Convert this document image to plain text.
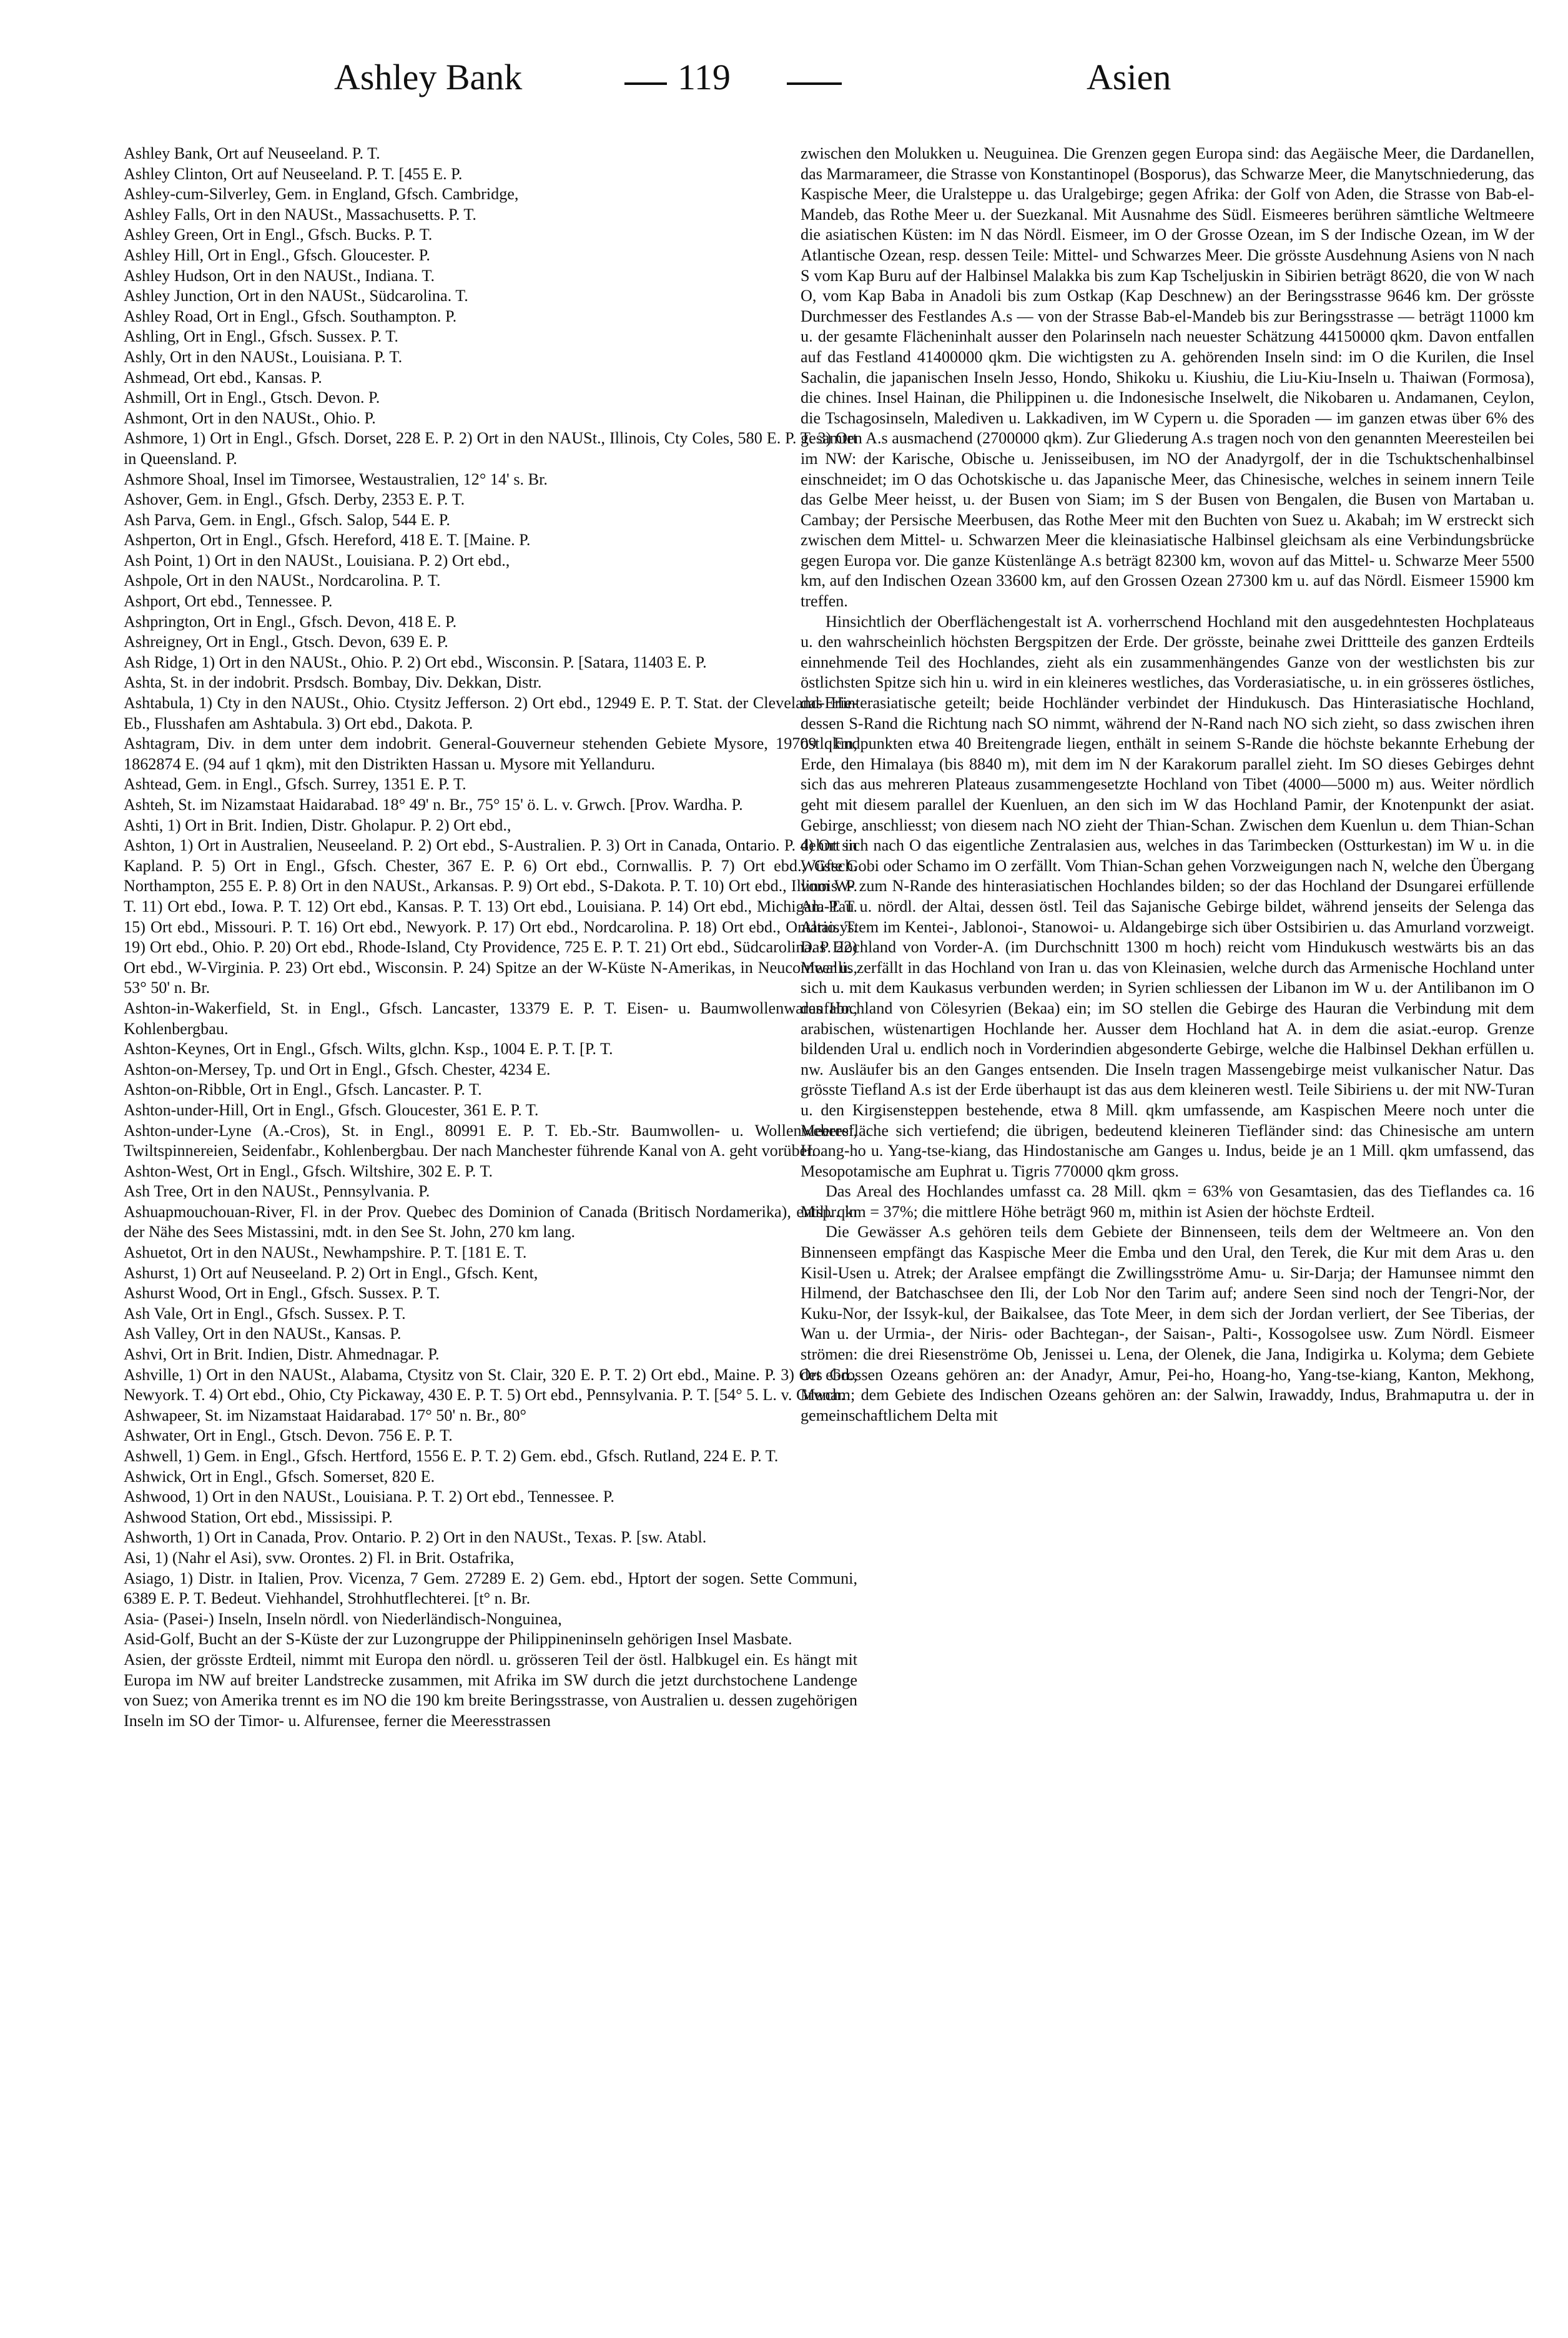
Ashley Bank	119	Asien

Ashley Bank, Ort auf Neuseeland. P. T.

Ashley Clinton, Ort auf Neuseeland. P. T. [455 E. P.

Ashley-cum-Silverley, Gem. in England, Gfsch. Cambridge,

Ashley Falls, Ort in den NAUSt., Massachusetts. P. T.

Ashley Green, Ort in Engl., Gfsch. Bucks. P. T.

Ashley Hill, Ort in Engl., Gfsch. Gloucester. P.

Ashley Hudson, Ort in den NAUSt., Indiana. T.

Ashley Junction, Ort in den NAUSt., Südcarolina. T.

Ashley Road, Ort in Engl., Gfsch. Southampton. P.

Ashling, Ort in Engl., Gfsch. Sussex. P. T.

Ashly, Ort in den NAUSt., Louisiana. P. T.

Ashmead, Ort ebd., Kansas. P.

Ashmill, Ort in Engl., Gtsch. Devon. P.

Ashmont, Ort in den NAUSt., Ohio. P.

Ashmore, 1) Ort in Engl., Gfsch. Dorset, 228 E. P. 2) Ort in den NAUSt., Illinois, Cty Coles, 580 E. P. T. 3) Ort in Queensland. P.

Ashmore Shoal, Insel im Timorsee, Westaustralien, 12° 14' s. Br.

Ashover, Gem. in Engl., Gfsch. Derby, 2353 E. P. T.

Ash Parva, Gem. in Engl., Gfsch. Salop, 544 E. P.

Ashperton, Ort in Engl., Gfsch. Hereford, 418 E. T. [Maine. P.

Ash Point, 1) Ort in den NAUSt., Louisiana. P. 2) Ort ebd.,

Ashpole, Ort in den NAUSt., Nordcarolina. P. T.

Ashport, Ort ebd., Tennessee. P.

Ashprington, Ort in Engl., Gfsch. Devon, 418 E. P.

Ashreigney, Ort in Engl., Gtsch. Devon, 639 E. P.

Ash Ridge, 1) Ort in den NAUSt., Ohio. P. 2) Ort ebd., Wisconsin. P. [Satara, 11403 E. P.

Ashta, St. in der indobrit. Prsdsch. Bombay, Div. Dekkan, Distr.

Ashtabula, 1) Cty in den NAUSt., Ohio. Ctysitz Jefferson. 2) Ort ebd., 12949 E. P. T. Stat. der Cleveland-Erie-Eb., Flusshafen am Ashtabula. 3) Ort ebd., Dakota. P.

Ashtagram, Div. in dem unter dem indobrit. General-Gouverneur stehenden Gebiete Mysore, 19709 qkm, 1862874 E. (94 auf 1 qkm), mit den Distrikten Hassan u. Mysore mit Yellanduru.

Ashtead, Gem. in Engl., Gfsch. Surrey, 1351 E. P. T.

Ashteh, St. im Nizamstaat Haidarabad. 18° 49' n. Br., 75° 15' ö. L. v. Grwch. [Prov. Wardha. P.

Ashti, 1) Ort in Brit. Indien, Distr. Gholapur. P. 2) Ort ebd.,

Ashton, 1) Ort in Australien, Neuseeland. P. 2) Ort ebd., S-Australien. P. 3) Ort in Canada, Ontario. P. 4) Ort in Kapland. P. 5) Ort in Engl., Gfsch. Chester, 367 E. P. 6) Ort ebd., Cornwallis. P. 7) Ort ebd., Gfsch. Northampton, 255 E. P. 8) Ort in den NAUSt., Arkansas. P. 9) Ort ebd., S-Dakota. P. T. 10) Ort ebd., Illinois. P. T. 11) Ort ebd., Iowa. P. T. 12) Ort ebd., Kansas. P. T. 13) Ort ebd., Louisiana. P. 14) Ort ebd., Michigan. P. T. 15) Ort ebd., Missouri. P. T. 16) Ort ebd., Newyork. P. 17) Ort ebd., Nordcarolina. P. 18) Ort ebd., Ontario. T. 19) Ort ebd., Ohio. P. 20) Ort ebd., Rhode-Island, Cty Providence, 725 E. P. T. 21) Ort ebd., Südcarolina. P. 22) Ort ebd., W-Virginia. P. 23) Ort ebd., Wisconsin. P. 24) Spitze an der W-Küste N-Amerikas, in Neucornwallis, 53° 50' n. Br.

Ashton-in-Wakerfield, St. in Engl., Gfsch. Lancaster, 13379 E. P. T. Eisen- u. Baumwollenwarenfabr., Kohlenbergbau.

Ashton-Keynes, Ort in Engl., Gfsch. Wilts, glchn. Ksp., 1004 E. P. T. [P. T.

Ashton-on-Mersey, Tp. und Ort in Engl., Gfsch. Chester, 4234 E.

Ashton-on-Ribble, Ort in Engl., Gfsch. Lancaster. P. T.

Ashton-under-Hill, Ort in Engl., Gfsch. Gloucester, 361 E. P. T.

Ashton-under-Lyne (A.-Cros), St. in Engl., 80991 E. P. T. Eb.-Str. Baumwollen- u. Wollenweberei, Twiltspinnereien, Seidenfabr., Kohlenbergbau. Der nach Manchester führende Kanal von A. geht vorüber.

Ashton-West, Ort in Engl., Gfsch. Wiltshire, 302 E. P. T.

Ash Tree, Ort in den NAUSt., Pennsylvania. P.

Ashuapmouchouan-River, Fl. in der Prov. Quebec des Dominion of Canada (Britisch Nordamerika), entspr. in der Nähe des Sees Mistassini, mdt. in den See St. John, 270 km lang.

Ashuetot, Ort in den NAUSt., Newhampshire. P. T. [181 E. T.

Ashurst, 1) Ort auf Neuseeland. P. 2) Ort in Engl., Gfsch. Kent,

Ashurst Wood, Ort in Engl., Gfsch. Sussex. P. T.

Ash Vale, Ort in Engl., Gfsch. Sussex. P. T.

Ash Valley, Ort in den NAUSt., Kansas. P.

Ashvi, Ort in Brit. Indien, Distr. Ahmednagar. P.

Ashville, 1) Ort in den NAUSt., Alabama, Ctysitz von St. Clair, 320 E. P. T. 2) Ort ebd., Maine. P. 3) Ort ebd., Newyork. T. 4) Ort ebd., Ohio, Cty Pickaway, 430 E. P. T. 5) Ort ebd., Pennsylvania. P. T. [54° 5. L. v. Grwch.

Ashwapeer, St. im Nizamstaat Haidarabad. 17° 50' n. Br., 80°

Ashwater, Ort in Engl., Gtsch. Devon. 756 E. P. T.

Ashwell, 1) Gem. in Engl., Gfsch. Hertford, 1556 E. P. T. 2) Gem. ebd., Gfsch. Rutland, 224 E. P. T.

Ashwick, Ort in Engl., Gfsch. Somerset, 820 E.

Ashwood, 1) Ort in den NAUSt., Louisiana. P. T. 2) Ort ebd., Tennessee. P.

Ashwood Station, Ort ebd., Mississipi. P.

Ashworth, 1) Ort in Canada, Prov. Ontario. P. 2) Ort in den NAUSt., Texas. P. [sw. Atabl.

Asi, 1) (Nahr el Asi), svw. Orontes. 2) Fl. in Brit. Ostafrika,

Asiago, 1) Distr. in Italien, Prov. Vicenza, 7 Gem. 27289 E. 2) Gem. ebd., Hptort der sogen. Sette Communi, 6389 E. P. T. Bedeut. Viehhandel, Strohhutflechterei. [t° n. Br.

Asia- (Pasei-) Inseln, Inseln nördl. von Niederländisch-Nonguinea,

Asid-Golf, Bucht an der S-Küste der zur Luzongruppe der Philippineninseln gehörigen Insel Masbate.

Asien, der grösste Erdteil, nimmt mit Europa den nördl. u. grösseren Teil der östl. Halbkugel ein. Es hängt mit Europa im NW auf breiter Landstrecke zusammen, mit Afrika im SW durch die jetzt durchstochene Landenge von Suez; von Amerika trennt es im NO die 190 km breite Beringsstrasse, von Australien u. dessen zugehörigen Inseln im SO der Timor- u. Alfurensee, ferner die Meeresstrassen

zwischen den Molukken u. Neuguinea. Die Grenzen gegen Europa sind: das Aegäische Meer, die Dardanellen, das Marmarameer, die Strasse von Konstantinopel (Bosporus), das Schwarze Meer, die Manytschniederung, das Kaspische Meer, die Uralsteppe u. das Uralgebirge; gegen Afrika: der Golf von Aden, die Strasse von Bab-el-Mandeb, das Rothe Meer u. der Suezkanal. Mit Ausnahme des Südl. Eismeeres berühren sämtliche Weltmeere die asiatischen Küsten: im N das Nördl. Eismeer, im O der Grosse Ozean, im S der Indische Ozean, im W der Atlantische Ozean, resp. dessen Teile: Mittel- und Schwarzes Meer. Die grösste Ausdehnung Asiens von N nach S vom Kap Buru auf der Halbinsel Malakka bis zum Kap Tscheljuskin in Sibirien beträgt 8620, die von W nach O, vom Kap Baba in Anadoli bis zum Ostkap (Kap Deschnew) an der Beringsstrasse 9646 km. Der grösste Durchmesser des Festlandes A.s — von der Strasse Bab-el-Mandeb bis zur Beringsstrasse — beträgt 11000 km u. der gesamte Flächeninhalt ausser den Polarinseln nach neuester Schätzung 44150000 qkm. Davon entfallen auf das Festland 41400000 qkm. Die wichtigsten zu A. gehörenden Inseln sind: im O die Kurilen, die Insel Sachalin, die japanischen Inseln Jesso, Hondo, Shikoku u. Kiushiu, die Liu-Kiu-Inseln u. Thaiwan (Formosa), die chines. Insel Hainan, die Philippinen u. die Indonesische Inselwelt, die Nikobaren u. Andamanen, Ceylon, die Tschagosinseln, Malediven u. Lakkadiven, im W Cypern u. die Sporaden — im ganzen etwas über 6% des gesamten A.s ausmachend (2700000 qkm). Zur Gliederung A.s tragen noch von den genannten Meeresteilen bei im NW: der Karische, Obische u. Jenisseibusen, im NO der Anadyrgolf, der in die Tschuktschenhalbinsel einschneidet; im O das Ochotskische u. das Japanische Meer, das Chinesische, welches in seinem innern Teile das Gelbe Meer heisst, u. der Busen von Siam; im S der Busen von Bengalen, die Busen von Martaban u. Cambay; der Persische Meerbusen, das Rothe Meer mit den Buchten von Suez u. Akabah; im W erstreckt sich zwischen dem Mittel- u. Schwarzen Meer die kleinasiatische Halbinsel gleichsam als eine Verbindungsbrücke gegen Europa vor. Die ganze Küstenlänge A.s beträgt 82300 km, wovon auf das Mittel- u. Schwarze Meer 5500 km, auf den Indischen Ozean 33600 km, auf den Grossen Ozean 27300 km u. auf das Nördl. Eismeer 15900 km treffen.

Hinsichtlich der Oberflächengestalt ist A. vorherrschend Hochland mit den ausgedehntesten Hochplateaus u. den wahrscheinlich höchsten Bergspitzen der Erde. Der grösste, beinahe zwei Drittteile des ganzen Erdteils einnehmende Teil des Hochlandes, zieht als ein zusammenhängendes Ganze von der westlichsten bis zur östlichsten Spitze sich hin u. wird in ein kleineres westliches, das Vorderasiatische, u. in ein grösseres östliches, das Hinterasiatische geteilt; beide Hochländer verbindet der Hindukusch. Das Hinterasiatische Hochland, dessen S-Rand die Richtung nach SO nimmt, während der N-Rand nach NO sich zieht, so dass zwischen ihren östl. Endpunkten etwa 40 Breitengrade liegen, enthält in seinem S-Rande die höchste bekannte Erhebung der Erde, den Himalaya (bis 8840 m), mit dem im N der Karakorum parallel zieht. Im SO dieses Gebirges dehnt sich das aus mehreren Plateaus zusammengesetzte Hochland von Tibet (4000—5000 m) aus. Weiter nördlich geht mit diesem parallel der Kuenluen, an den sich im W das Hochland Pamir, der Knotenpunkt der asiat. Gebirge, anschliesst; von diesem nach NO zieht der Thian-Schan. Zwischen dem Kuenlun u. dem Thian-Schan dehnt sich nach O das eigentliche Zentralasien aus, welches in das Tarimbecken (Ostturkestan) im W u. in die Wüste Gobi oder Schamo im O zerfällt. Vom Thian-Schan gehen Vorzweigungen nach N, welche den Übergang vom W- zum N-Rande des hinterasiatischen Hochlandes bilden; so der das Hochland der Dsungarei erfüllende Ala-Tau u. nördl. der Altai, dessen östl. Teil das Sajanische Gebirge bildet, während jenseits der Selenga das Altaisystem im Kentei-, Jablonoi-, Stanowoi- u. Aldangebirge sich über Ostsibirien u. das Amurland vorzweigt. Das Hochland von Vorder-A. (im Durchschnitt 1300 m hoch) reicht vom Hindukusch westwärts bis an das Meer u. zerfällt in das Hochland von Iran u. das von Kleinasien, welche durch das Armenische Hochland unter sich u. mit dem Kaukasus verbunden werden; in Syrien schliessen der Libanon im W u. der Antilibanon im O das Hochland von Cölesyrien (Bekaa) ein; im SO stellen die Gebirge des Hauran die Verbindung mit dem arabischen, wüstenartigen Hochlande her. Ausser dem Hochland hat A. in dem die asiat.-europ. Grenze bildenden Ural u. endlich noch in Vorderindien abgesonderte Gebirge, welche die Halbinsel Dekhan erfüllen u. nw. Ausläufer bis an den Ganges entsenden. Die Inseln tragen Massengebirge meist vulkanischer Natur. Das grösste Tiefland A.s ist der Erde überhaupt ist das aus dem kleineren westl. Teile Sibiriens u. der mit NW-Turan u. den Kirgisensteppen bestehende, etwa 8 Mill. qkm umfassende, am Kaspischen Meere noch unter die Meeresfläche sich vertiefend; die übrigen, bedeutend kleineren Tiefländer sind: das Chinesische am untern Hoang-ho u. Yang-tse-kiang, das Hindostanische am Ganges u. Indus, beide je an 1 Mill. qkm umfassend, das Mesopotamische am Euphrat u. Tigris 770000 qkm gross.

Das Areal des Hochlandes umfasst ca. 28 Mill. qkm = 63% von Gesamtasien, das des Tieflandes ca. 16 Mill. qkm = 37%; die mittlere Höhe beträgt 960 m, mithin ist Asien der höchste Erdteil.

Die Gewässer A.s gehören teils dem Gebiete der Binnenseen, teils dem der Weltmeere an. Von den Binnenseen empfängt das Kaspische Meer die Emba und den Ural, den Terek, die Kur mit dem Aras u. den Kisil-Usen u. Atrek; der Aralsee empfängt die Zwillingsströme Amu- u. Sir-Darja; der Hamunsee nimmt den Hilmend, der Batchaschsee den Ili, der Lob Nor den Tarim auf; andere Seen sind noch der Tengri-Nor, der Kuku-Nor, der Issyk-kul, der Baikalsee, das Tote Meer, in dem sich der Jordan verliert, der See Tiberias, der Wan u. der Urmia-, der Niris- oder Bachtegan-, der Saisan-, Palti-, Kossogolsee usw. Zum Nördl. Eismeer strömen: die drei Riesenströme Ob, Jenissei u. Lena, der Olenek, die Jana, Indigirka u. Kolyma; dem Gebiete des Grossen Ozeans gehören an: der Anadyr, Amur, Pei-ho, Hoang-ho, Yang-tse-kiang, Kanton, Mekhong, Menam; dem Gebiete des Indischen Ozeans gehören an: der Salwin, Irawaddy, Indus, Brahmaputra u. der in gemeinschaftlichem Delta mit
